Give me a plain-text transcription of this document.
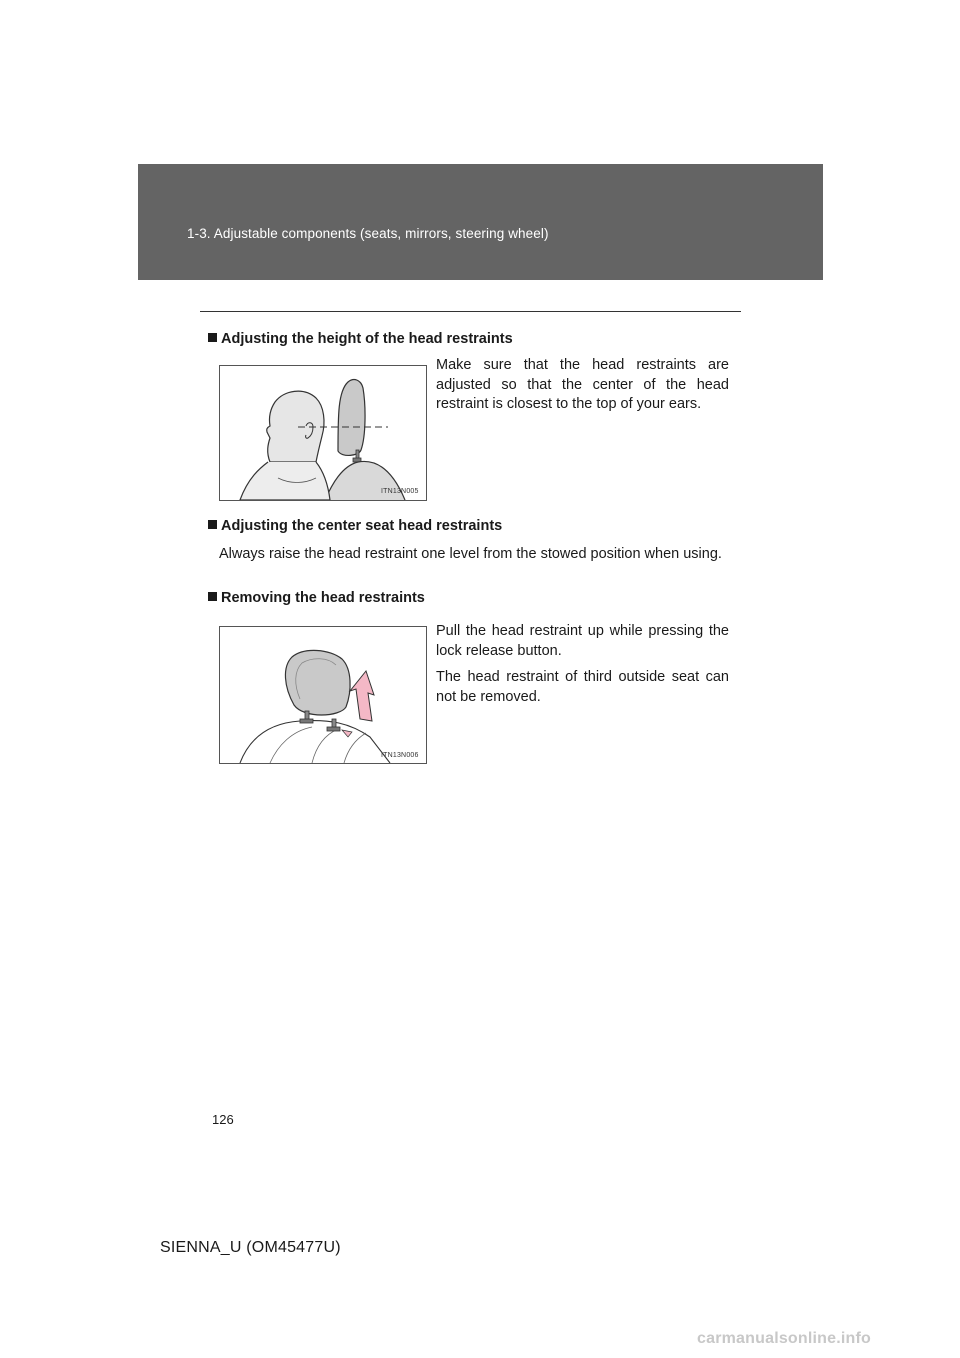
1-3. Adjustable components (seats, mirrors, steering wheel)
Adjusting the height of the head restraints
ITN13N005
Make sure that the head restraints are adjusted so that the center of the head restraint is closest to the top of your ears.
Adjusting the center seat head restraints
Always raise the head restraint one level from the stowed position when using.
Removing the head restraints
ITN13N006
Pull the head restraint up while pressing the lock release button.
The head restraint of third outside seat can not be removed.
126
SIENNA_U (OM45477U)
carmanualsonline.info
